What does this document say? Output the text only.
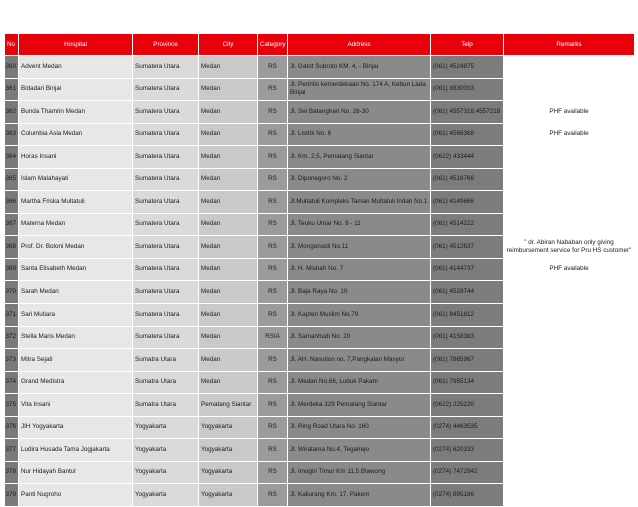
No	Hospital	Province	City	Category	Address	Telp	Remarks
360	Advent Medan	Sumatera Utara	Medan	RS	Jl. Gatot Subroto KM. 4, - Binjai	(061) 4524875	
361	Bidadari Binjai	Sumatera Utara	Medan	RS	Jl. Perintis kemerdekaan No. 174 A, Kebun Lada Binjai	(061) 8830003	
362	Bunda Thamrin Medan	Sumatera Utara	Medan	RS	Jl. Sei Batanghari No. 28-30	(061) 4557318,4557218	PHF available
363	Columbia Asia Medan	Sumatera Utara	Medan	RS	Jl. Listrik No. 6	(061) 4566368	PHF available
364	Horas Insani	Sumatera Utara	Medan	RS	Jl. Km. 2,5, Pematang Siantar	(0622) 433444	
365	Islam Malahayati	Sumatera Utara	Medan	RS	Jl. Diponegoro No. 2	(061) 4518766	
366	Martha Friska Multatuli	Sumatera Utara	Medan	RS	Jl.Multatuli Kompleks Taman Multatuli Indah No.1	(061) 4149666	
367	Materna Medan	Sumatera Utara	Medan	RS	Jl. Teuku Umar No. 9 - 11	(061) 4514222	
368	Prof. Dr. Boloni Medan	Sumatera Utara	Medan	RS	Jl. Mongonsidi No.11	(061) 4512637	" dr. Abiran Nababan only giving reimbursement service for Pru HS customer"
369	Santa Elisabeth Medan	Sumatera Utara	Medan	RS	Jl. H. Misbah No. 7	(061) 4144737	PHF available
370	Sarah Medan	Sumatera Utara	Medan	RS	Jl. Baja Raya No. 10	(061) 4528744	
371	Sari Mutiara	Sumatera Utara	Medan	RS	Jl. Kapten Muslim No.79	(061) 8451812	
372	Stella Maris Medan	Sumatera Utara	Medan	RSIA	Jl. Samanhudi No. 20	(061) 4158383	
373	Mitra Sejati	Sumatra Utara	Medan	RS	Jl. AH. Nasution no. 7,Pangkalan Masyur	(061) 7865967	
374	Grand Medistra	Sumatra Utara	Medan	RS	Jl. Medan No.66, Lubuk Pakam	(061) 7955134	
375	Vita Insani	Sumatra Utara	Pematang Siantar	RS	Jl. Merdeka 329 Pematang Siantar	(0622) 225220	
376	JIH Yogyakarta	Yogyakarta	Yogyakarta	RS	Jl. Ring Road Utara No. 160	(0274) 4463535	
377	Ludira Husada Tama Jogjakarta	Yogyakarta	Yogyakarta	RS	Jl. Wiratama No.4, Tegalrejo	(0274) 620333	
378	Nur Hidayah Bantul	Yogyakarta	Yogyakarta	RS	Jl. Imogiri Timur Km 11,5 Blawong	(0274) 7472942	
379	Panti Nugroho	Yogyakarta	Yogyakarta	RS	Jl. Kaliurang Km. 17, Pakem	(0274) 895186	
